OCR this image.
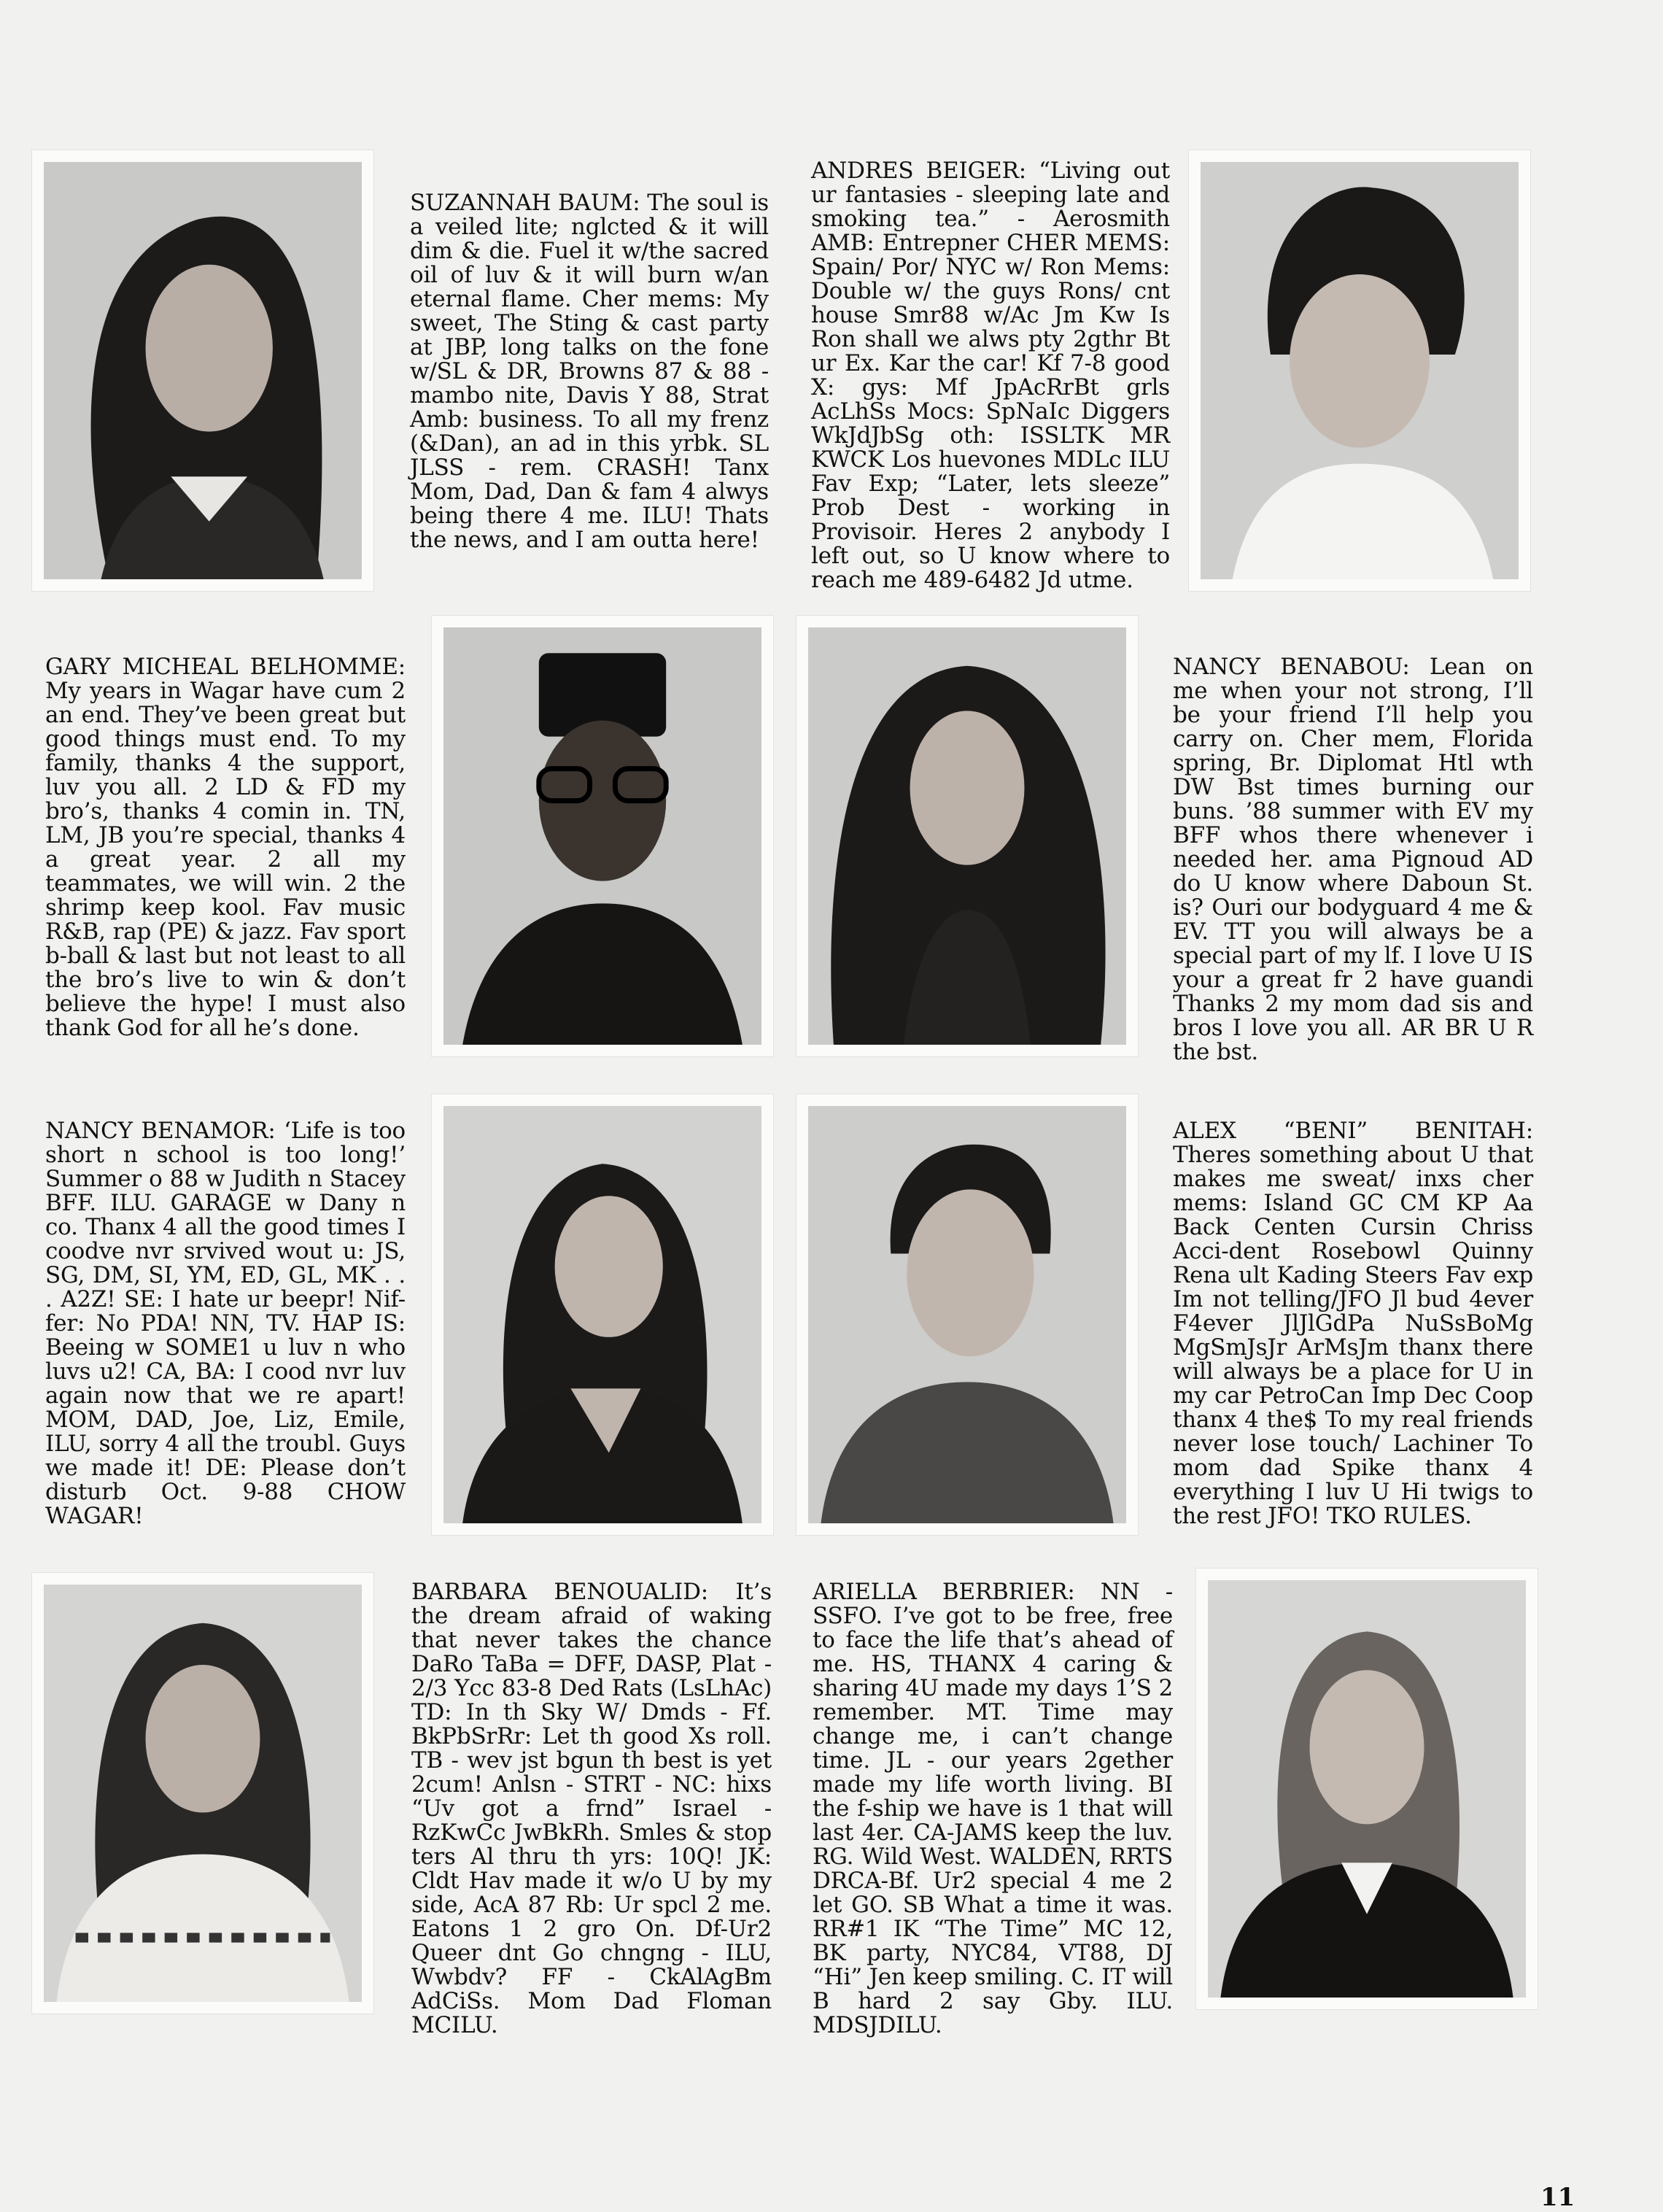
SUZANNAH BAUM: The soul is a veiled lite; nglcted & it will dim & die. Fuel it w/the sacred oil of luv & it will burn w/an eternal flame. Cher mems: My sweet, The Sting & cast party at JBP, long talks on the fone w/SL & DR, Browns 87 & 88 - mambo nite, Davis Y 88, Strat Amb: business. To all my frenz (&Dan), an ad in this yrbk. SL JLSS - rem. CRASH! Tanx Mom, Dad, Dan & fam 4 alwys being there 4 me. ILU! Thats the news, and I am outta here!
ANDRES BEIGER: “Living out ur fantasies - sleeping late and smoking tea.” - Aerosmith AMB: Entrepner CHER MEMS: Spain/ Por/ NYC w/ Ron Mems: Double w/ the guys Rons/ cnt house Smr88 w/Ac Jm Kw Is Ron shall we alws pty 2gthr Bt ur Ex. Kar the car! Kf 7-8 good X: gys: Mf JpAcRrBt grls AcLhSs Mocs: SpNaIc Diggers WkJdJbSg oth: ISSLTK MR KWCK Los huevones MDLc ILU Fav Exp; “Later, lets sleeze” Prob Dest - working in Provisoir. Heres 2 anybody I left out, so U know where to reach me 489-6482 Jd utme.
GARY MICHEAL BELHOMME: My years in Wagar have cum 2 an end. They’ve been great but good things must end. To my family, thanks 4 the support, luv you all. 2 LD & FD my bro’s, thanks 4 comin in. TN, LM, JB you’re special, thanks 4 a great year. 2 all my teammates, we will win. 2 the shrimp keep kool. Fav music R&B, rap (PE) & jazz. Fav sport b-ball & last but not least to all the bro’s live to win & don’t believe the hype! I must also thank God for all he’s done.
NANCY BENABOU: Lean on me when your not strong, I’ll be your friend I’ll help you carry on. Cher mem, Florida spring, Br. Diplomat Htl wth DW Bst times burning our buns. ’88 summer with EV my BFF whos there whenever i needed her. ama Pignoud AD do U know where Daboun St. is? Ouri our bodyguard 4 me & EV. TT you will always be a special part of my lf. I love U IS your a great fr 2 have guandi Thanks 2 my mom dad sis and bros I love you all. AR BR U R the bst.
NANCY BENAMOR: ‘Life is too short n school is too long!’ Summer o 88 w Judith n Stacey BFF. ILU. GARAGE w Dany n co. Thanx 4 all the good times I coodve nvr srvived wout u: JS, SG, DM, SI, YM, ED, GL, MK . . . A2Z! SE: I hate ur beepr! Nif-fer: No PDA! NN, TV. HAP IS: Beeing w SOME1 u luv n who luvs u2! CA, BA: I cood nvr luv again now that we re apart! MOM, DAD, Joe, Liz, Emile, ILU, sorry 4 all the troubl. Guys we made it! DE: Please don’t disturb Oct. 9-88 CHOW WAGAR!
ALEX “BENI” BENITAH: Theres something about U that makes me sweat/ inxs cher mems: Island GC CM KP Aa Back Centen Cursin Chriss Acci-dent Rosebowl Quinny Rena ult Kading Steers Fav exp Im not telling/JFO Jl bud 4ever F4ever JlJlGdPa NuSsBoMg MgSmJsJr ArMsJm thanx there will always be a place for U in my car PetroCan Imp Dec Coop thanx 4 the$ To my real friends never lose touch/ Lachiner To mom dad Spike thanx 4 everything I luv U Hi twigs to the rest JFO! TKO RULES.
BARBARA BENOUALID: It’s the dream afraid of waking that never takes the chance DaRo TaBa = DFF, DASP, Plat - 2/3 Ycc 83-8 Ded Rats (LsLhAc) TD: In th Sky W/ Dmds - Ff. BkPbSrRr: Let th good Xs roll. TB - wev jst bgun th best is yet 2cum! Anlsn - STRT - NC: hixs “Uv got a frnd” Israel - RzKwCc JwBkRh. Smles & stop ters Al thru th yrs: 10Q! JK: Cldt Hav made it w/o U by my side, AcA 87 Rb: Ur spcl 2 me. Eatons 1 2 gro On. Df-Ur2 Queer dnt Go chngng - ILU, Wwbdv? FF - CkAlAgBm AdCiSs. Mom Dad Floman MCILU.
ARIELLA BERBRIER: NN - SSFO. I’ve got to be free, free to face the life that’s ahead of me. HS, THANX 4 caring & sharing 4U made my days 1’S 2 remember. MT. Time may change me, i can’t change time. JL - our years 2gether made my life worth living. BI the f-ship we have is 1 that will last 4er. CA-JAMS keep the luv. RG. Wild West. WALDEN, RRTS DRCA-Bf. Ur2 special 4 me 2 let GO. SB What a time it was. RR#1 IK “The Time” MC 12, BK party, NYC84, VT88, DJ “Hi” Jen keep smiling. C. IT will B hard 2 say Gby. ILU. MDSJDILU.
11
